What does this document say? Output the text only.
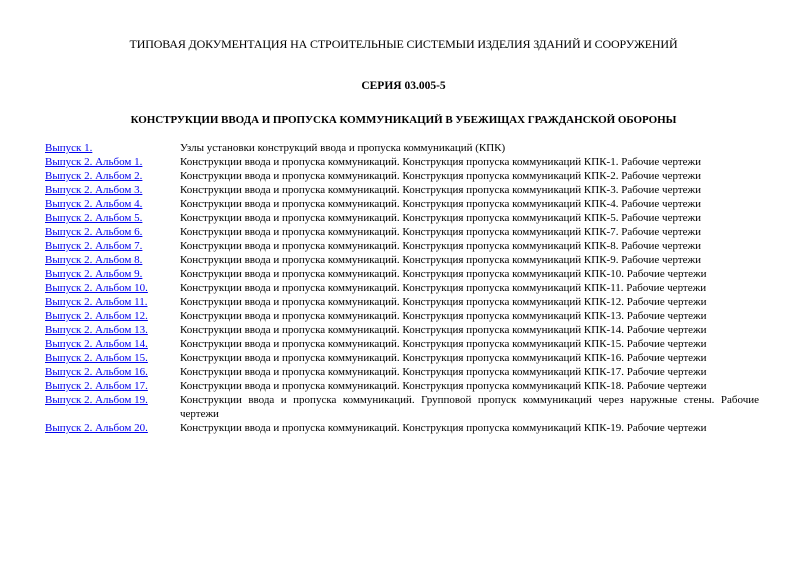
ТИПОВАЯ ДОКУМЕНТАЦИЯ НА СТРОИТЕЛЬНЫЕ СИСТЕМЫИ ИЗДЕЛИЯ ЗДАНИЙ И СООРУЖЕНИЙ

СЕРИЯ 03.005-5

КОНСТРУКЦИИ ВВОДА И ПРОПУСКА КОММУНИКАЦИЙ В УБЕЖИЩАХ ГРАЖДАНСКОЙ ОБОРОНЫ

Выпуск 1.	Узлы установки конструкций ввода и пропуска коммуникаций (КПК)
Выпуск 2. Альбом 1.	Конструкции ввода и пропуска коммуникаций. Конструкция пропуска коммуникаций КПК-1. Рабочие чертежи
Выпуск 2. Альбом 2.	Конструкции ввода и пропуска коммуникаций. Конструкция пропуска коммуникаций КПК-2. Рабочие чертежи
Выпуск 2. Альбом 3.	Конструкции ввода и пропуска коммуникаций. Конструкция пропуска коммуникаций КПК-3. Рабочие чертежи
Выпуск 2. Альбом 4.	Конструкции ввода и пропуска коммуникаций. Конструкция пропуска коммуникаций КПК-4. Рабочие чертежи
Выпуск 2. Альбом 5.	Конструкции ввода и пропуска коммуникаций. Конструкция пропуска коммуникаций КПК-5. Рабочие чертежи
Выпуск 2. Альбом 6.	Конструкции ввода и пропуска коммуникаций. Конструкция пропуска коммуникаций КПК-7. Рабочие чертежи
Выпуск 2. Альбом 7.	Конструкции ввода и пропуска коммуникаций. Конструкция пропуска коммуникаций КПК-8. Рабочие чертежи
Выпуск 2. Альбом 8.	Конструкции ввода и пропуска коммуникаций. Конструкция пропуска коммуникаций КПК-9. Рабочие чертежи
Выпуск 2. Альбом 9.	Конструкции ввода и пропуска коммуникаций. Конструкция пропуска коммуникаций КПК-10. Рабочие чертежи
Выпуск 2. Альбом 10.	Конструкции ввода и пропуска коммуникаций. Конструкция пропуска коммуникаций КПК-11. Рабочие чертежи
Выпуск 2. Альбом 11.	Конструкции ввода и пропуска коммуникаций. Конструкция пропуска коммуникаций КПК-12. Рабочие чертежи
Выпуск 2. Альбом 12.	Конструкции ввода и пропуска коммуникаций. Конструкция пропуска коммуникаций КПК-13. Рабочие чертежи
Выпуск 2. Альбом 13.	Конструкции ввода и пропуска коммуникаций. Конструкция пропуска коммуникаций КПК-14. Рабочие чертежи
Выпуск 2. Альбом 14.	Конструкции ввода и пропуска коммуникаций. Конструкция пропуска коммуникаций КПК-15. Рабочие чертежи
Выпуск 2. Альбом 15.	Конструкции ввода и пропуска коммуникаций. Конструкция пропуска коммуникаций КПК-16. Рабочие чертежи
Выпуск 2. Альбом 16.	Конструкции ввода и пропуска коммуникаций. Конструкция пропуска коммуникаций КПК-17. Рабочие чертежи
Выпуск 2. Альбом 17.	Конструкции ввода и пропуска коммуникаций. Конструкция пропуска коммуникаций КПК-18. Рабочие чертежи
Выпуск 2. Альбом 19.	Конструкции ввода и пропуска коммуникаций. Групповой пропуск коммуникаций через наружные стены. Рабочие чертежи
Выпуск 2. Альбом 20.	Конструкции ввода и пропуска коммуникаций. Конструкция пропуска коммуникаций КПК-19. Рабочие чертежи
